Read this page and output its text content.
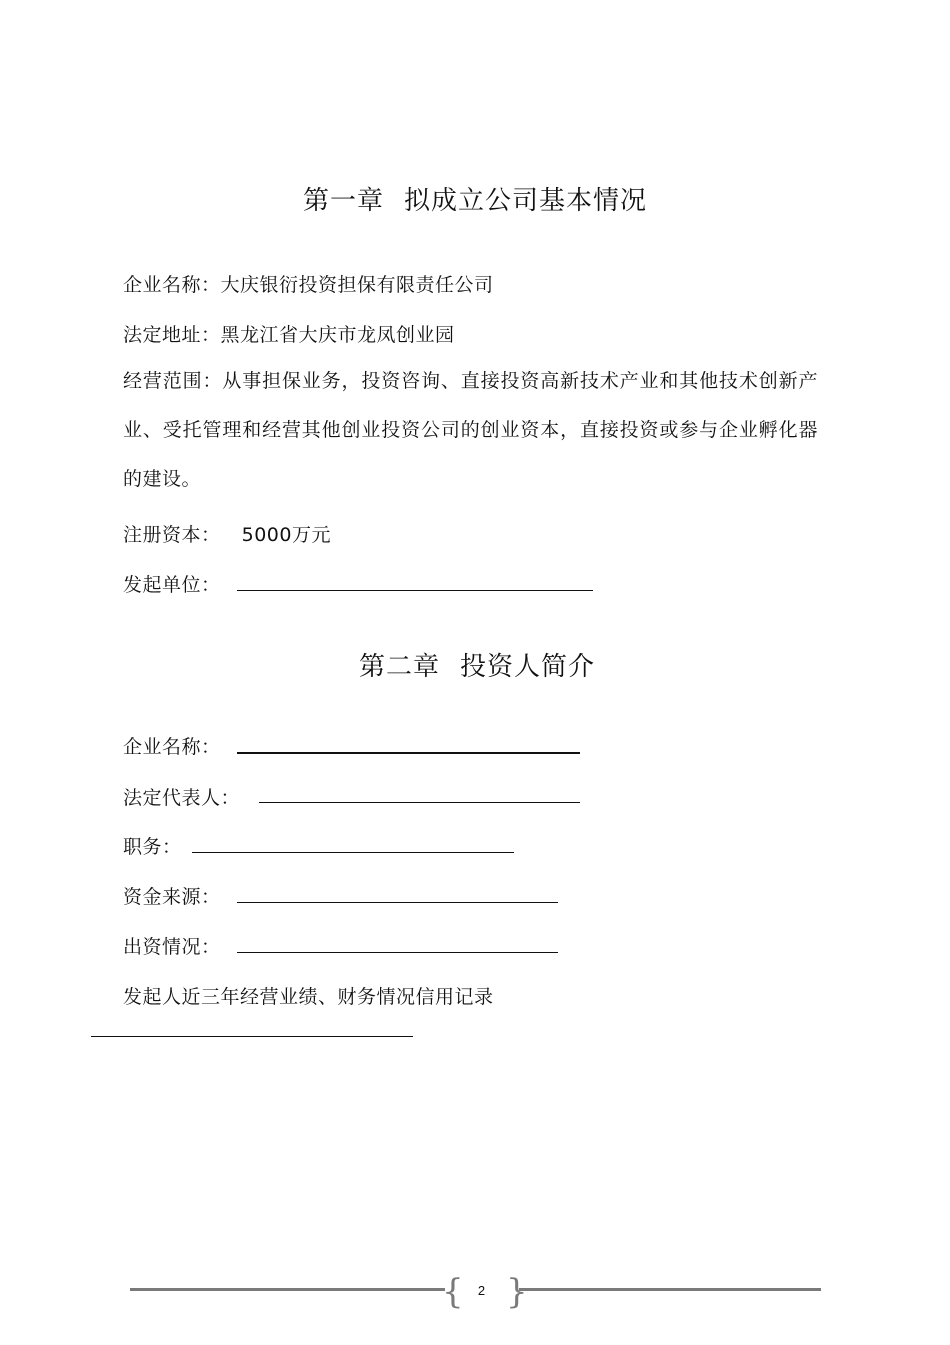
第一章 拟成立公司基本情况
企业名称：大庆银衍投资担保有限责任公司
法定地址：黑龙江省大庆市龙凤创业园
经营范围：从事担保业务，投资咨询、直接投资高新技术产业和其他技术创新产业、受托管理和经营其他创业投资公司的创业资本，直接投资或参与企业孵化器的建设。
注册资本： 5000万元
发起单位：
第二章 投资人简介
企业名称：
法定代表人：
职务：
资金来源：
出资情况：
发起人近三年经营业绩、财务情况信用记录
{ }
2
